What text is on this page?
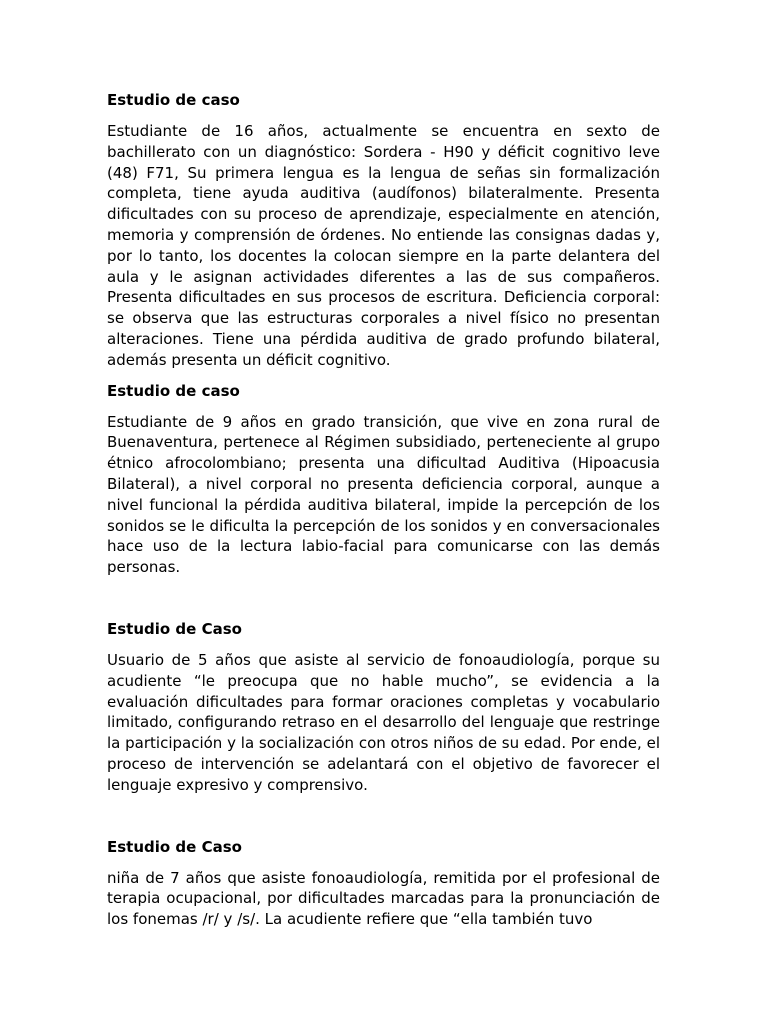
Estudio de caso

Estudiante de 16 años, actualmente se encuentra en sexto de bachillerato con un diagnóstico: Sordera - H90 y déficit cognitivo leve (48) F71, Su primera lengua es la lengua de señas sin formalización completa, tiene ayuda auditiva (audífonos) bilateralmente. Presenta dificultades con su proceso de aprendizaje, especialmente en atención, memoria y comprensión de órdenes. No entiende las consignas dadas y, por lo tanto, los docentes la colocan siempre en la parte delantera del aula y le asignan actividades diferentes a las de sus compañeros. Presenta dificultades en sus procesos de escritura. Deficiencia corporal: se observa que las estructuras corporales a nivel físico no presentan alteraciones. Tiene una pérdida auditiva de grado profundo bilateral, además presenta un déficit cognitivo.

Estudio de caso

Estudiante de 9 años en grado transición, que vive en zona rural de Buenaventura, pertenece al Régimen subsidiado, perteneciente al grupo étnico afrocolombiano; presenta una dificultad Auditiva (Hipoacusia Bilateral), a nivel corporal no presenta deficiencia corporal, aunque a nivel funcional la pérdida auditiva bilateral, impide la percepción de los sonidos se le dificulta la percepción de los sonidos y en conversacionales hace uso de la lectura labio-facial para comunicarse con las demás personas.

Estudio de Caso

Usuario de 5 años que asiste al servicio de fonoaudiología, porque su acudiente “le preocupa que no hable mucho”, se evidencia a la evaluación dificultades para formar oraciones completas y vocabulario limitado, configurando retraso en el desarrollo del lenguaje que restringe la participación y la socialización con otros niños de su edad. Por ende, el proceso de intervención se adelantará con el objetivo de favorecer el lenguaje expresivo y comprensivo.

Estudio de Caso

niña de 7 años que asiste fonoaudiología, remitida por el profesional de terapia ocupacional, por dificultades marcadas para la pronunciación de los fonemas /r/ y /s/. La acudiente refiere que “ella también tuvo
